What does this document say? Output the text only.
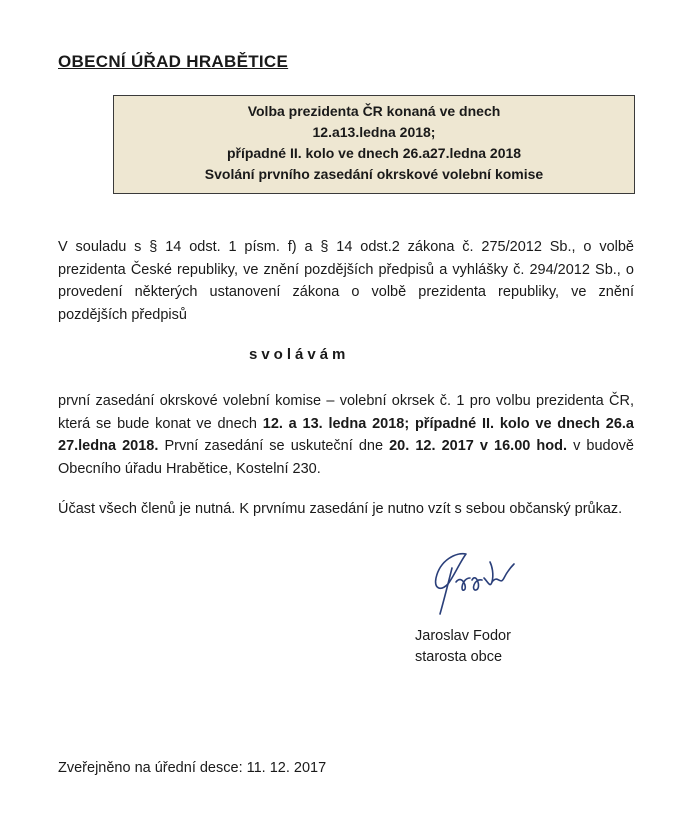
OBECNÍ ÚŘAD HRABĚTICE
Volba prezidenta ČR konaná ve dnech
12.a13.ledna 2018;
případné II. kolo ve dnech 26.a27.ledna 2018
Svolání prvního zasedání okrskové volební komise
V souladu s § 14 odst. 1 písm. f) a § 14 odst.2 zákona č. 275/2012 Sb., o volbě prezidenta České republiky, ve znění pozdějších předpisů a vyhlášky č. 294/2012 Sb., o provedení některých ustanovení zákona o volbě prezidenta republiky, ve znění pozdějších předpisů
svolávám
první zasedání okrskové volební komise – volební okrsek č. 1 pro volbu prezidenta ČR, která se bude konat ve dnech 12. a 13. ledna 2018; případné II. kolo ve dnech 26.a 27.ledna 2018. První zasedání se uskuteční dne 20. 12. 2017 v 16.00 hod. v budově Obecního úřadu Hrabětice, Kostelní 230.
Účast všech členů je nutná. K prvnímu zasedání je nutno vzít s sebou občanský průkaz.
Jaroslav Fodor
starosta obce
Zveřejněno na úřední desce: 11. 12. 2017
